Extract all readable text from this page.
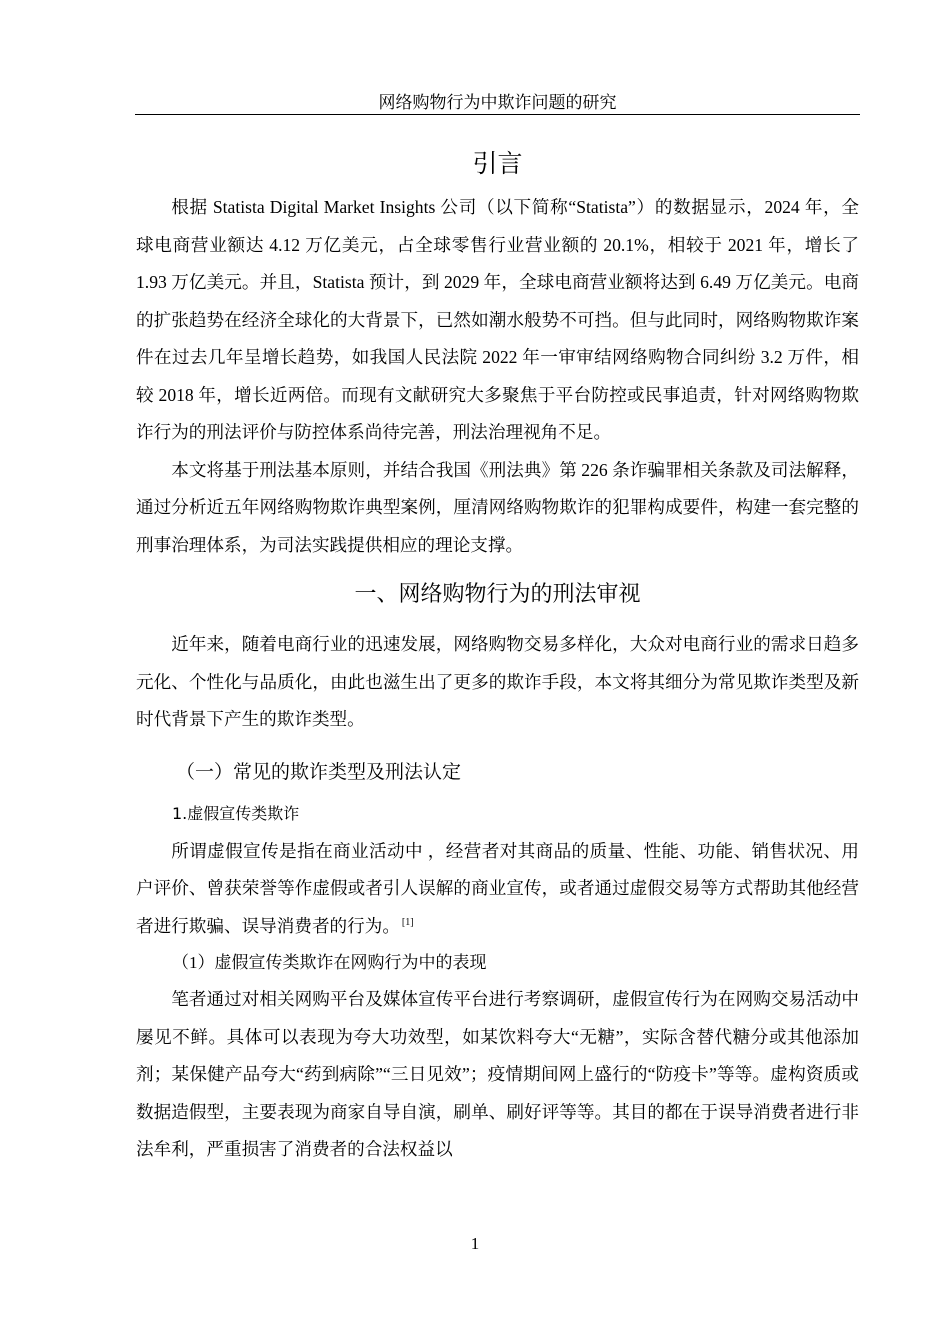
网络购物行为中欺诈问题的研究
引言

根据 Statista Digital Market Insights 公司（以下简称“Statista”）的数据显示，2024 年，全球电商营业额达 4.12 万亿美元，占全球零售行业营业额的 20.1%，相较于 2021 年，增长了 1.93 万亿美元。并且，Statista 预计，到 2029 年，全球电商营业额将达到 6.49 万亿美元。电商的扩张趋势在经济全球化的大背景下，已然如潮水般势不可挡。但与此同时，网络购物欺诈案件在过去几年呈增长趋势，如我国人民法院 2022 年一审审结网络购物合同纠纷 3.2 万件，相较 2018 年，增长近两倍。而现有文献研究大多聚焦于平台防控或民事追责，针对网络购物欺诈行为的刑法评价与防控体系尚待完善，刑法治理视角不足。

本文将基于刑法基本原则，并结合我国《刑法典》第 226 条诈骗罪相关条款及司法解释，通过分析近五年网络购物欺诈典型案例，厘清网络购物欺诈的犯罪构成要件，构建一套完整的刑事治理体系，为司法实践提供相应的理论支撑。

一、网络购物行为的刑法审视

近年来，随着电商行业的迅速发展，网络购物交易多样化，大众对电商行业的需求日趋多元化、个性化与品质化，由此也滋生出了更多的欺诈手段，本文将其细分为常见欺诈类型及新时代背景下产生的欺诈类型。

（一）常见的欺诈类型及刑法认定
1.虚假宣传类欺诈

所谓虚假宣传是指在商业活动中 ，经营者对其商品的质量、性能、功能、销售状况、用户评价、曾获荣誉等作虚假或者引人误解的商业宣传，或者通过虚假交易等方式帮助其他经营者进行欺骗、误导消费者的行为。 [1]

（1）虚假宣传类欺诈在网购行为中的表现

笔者通过对相关网购平台及媒体宣传平台进行考察调研，虚假宣传行为在网购交易活动中屡见不鲜。具体可以表现为夸大功效型，如某饮料夸大“无糖”，实际含替代糖分或其他添加剂；某保健产品夸大“药到病除”“三日见效”；疫情期间网上盛行的“防疫卡”等等。虚构资质或数据造假型，主要表现为商家自导自演，刷单、刷好评等等。其目的都在于误导消费者进行非法牟利，严重损害了消费者的合法权益以

1
